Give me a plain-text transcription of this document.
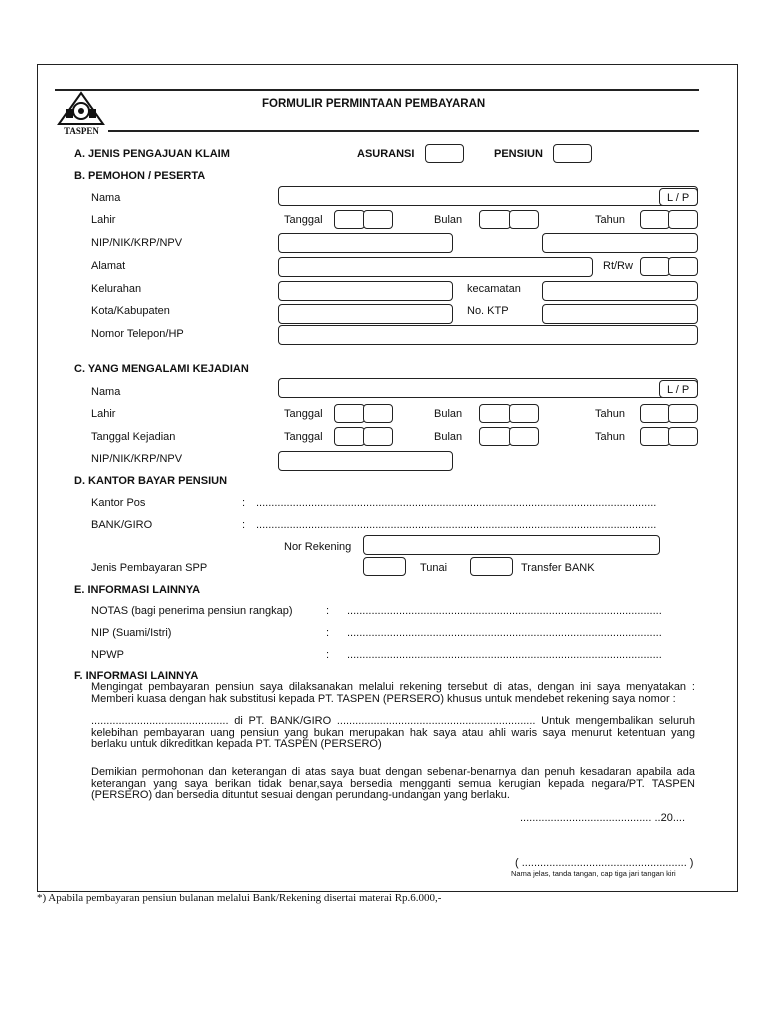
TASPEN
FORMULIR PERMINTAAN PEMBAYARAN
A. JENIS PENGAJUAN KLAIM	ASURANSI	PENSIUN
B. PEMOHON / PESERTA
Nama	L / P
Lahir	Tanggal	Bulan	Tahun
NIP/NIK/KRP/NPV
Alamat	Rt/Rw
Kelurahan	kecamatan
Kota/Kabupaten	No. KTP
Nomor Telepon/HP
C. YANG MENGALAMI KEJADIAN
Nama	L / P
Lahir	Tanggal	Bulan	Tahun
Tanggal Kejadian	Tanggal	Bulan	Tahun
NIP/NIK/KRP/NPV
D. KANTOR BAYAR PENSIUN
Kantor Pos	: ...................................................................................................................................
BANK/GIRO	: ...................................................................................................................................
Nor Rekening
Jenis Pembayaran SPP	Tunai	Transfer BANK
E. INFORMASI LAINNYA
NOTAS (bagi penerima pensiun rangkap)	: .......................................................................................................
NIP (Suami/Istri)	: .......................................................................................................
NPWP	: .......................................................................................................
F. INFORMASI LAINNYA
Mengingat pembayaran pensiun saya dilaksanakan melalui rekening tersebut di atas, dengan ini saya menyatakan : Memberi kuasa dengan hak substitusi kepada PT. TASPEN (PERSERO) khusus untuk mendebet rekening saya nomor :
............................................. di PT. BANK/GIRO ................................................................. Untuk mengembalikan seluruh kelebihan pembayaran uang pensiun yang bukan merupakan hak saya atau ahli waris saya menurut ketentuan yang berlaku untuk dikreditkan kepada PT. TASPEN (PERSERO)
Demikian permohonan dan keterangan di atas saya buat dengan sebenar-benarnya dan penuh kesadaran apabila ada keterangan yang saya berikan tidak benar,saya bersedia mengganti semua kerugian kepada negara/PT. TASPEN (PERSERO) dan bersedia dituntut sesuai dengan perundang-undangan yang berlaku.
........................................... ..20....
( ...................................................... )
Nama jelas, tanda tangan, cap tiga jari tangan kiri
*) Apabila pembayaran pensiun bulanan melalui Bank/Rekening disertai materai Rp.6.000,-
